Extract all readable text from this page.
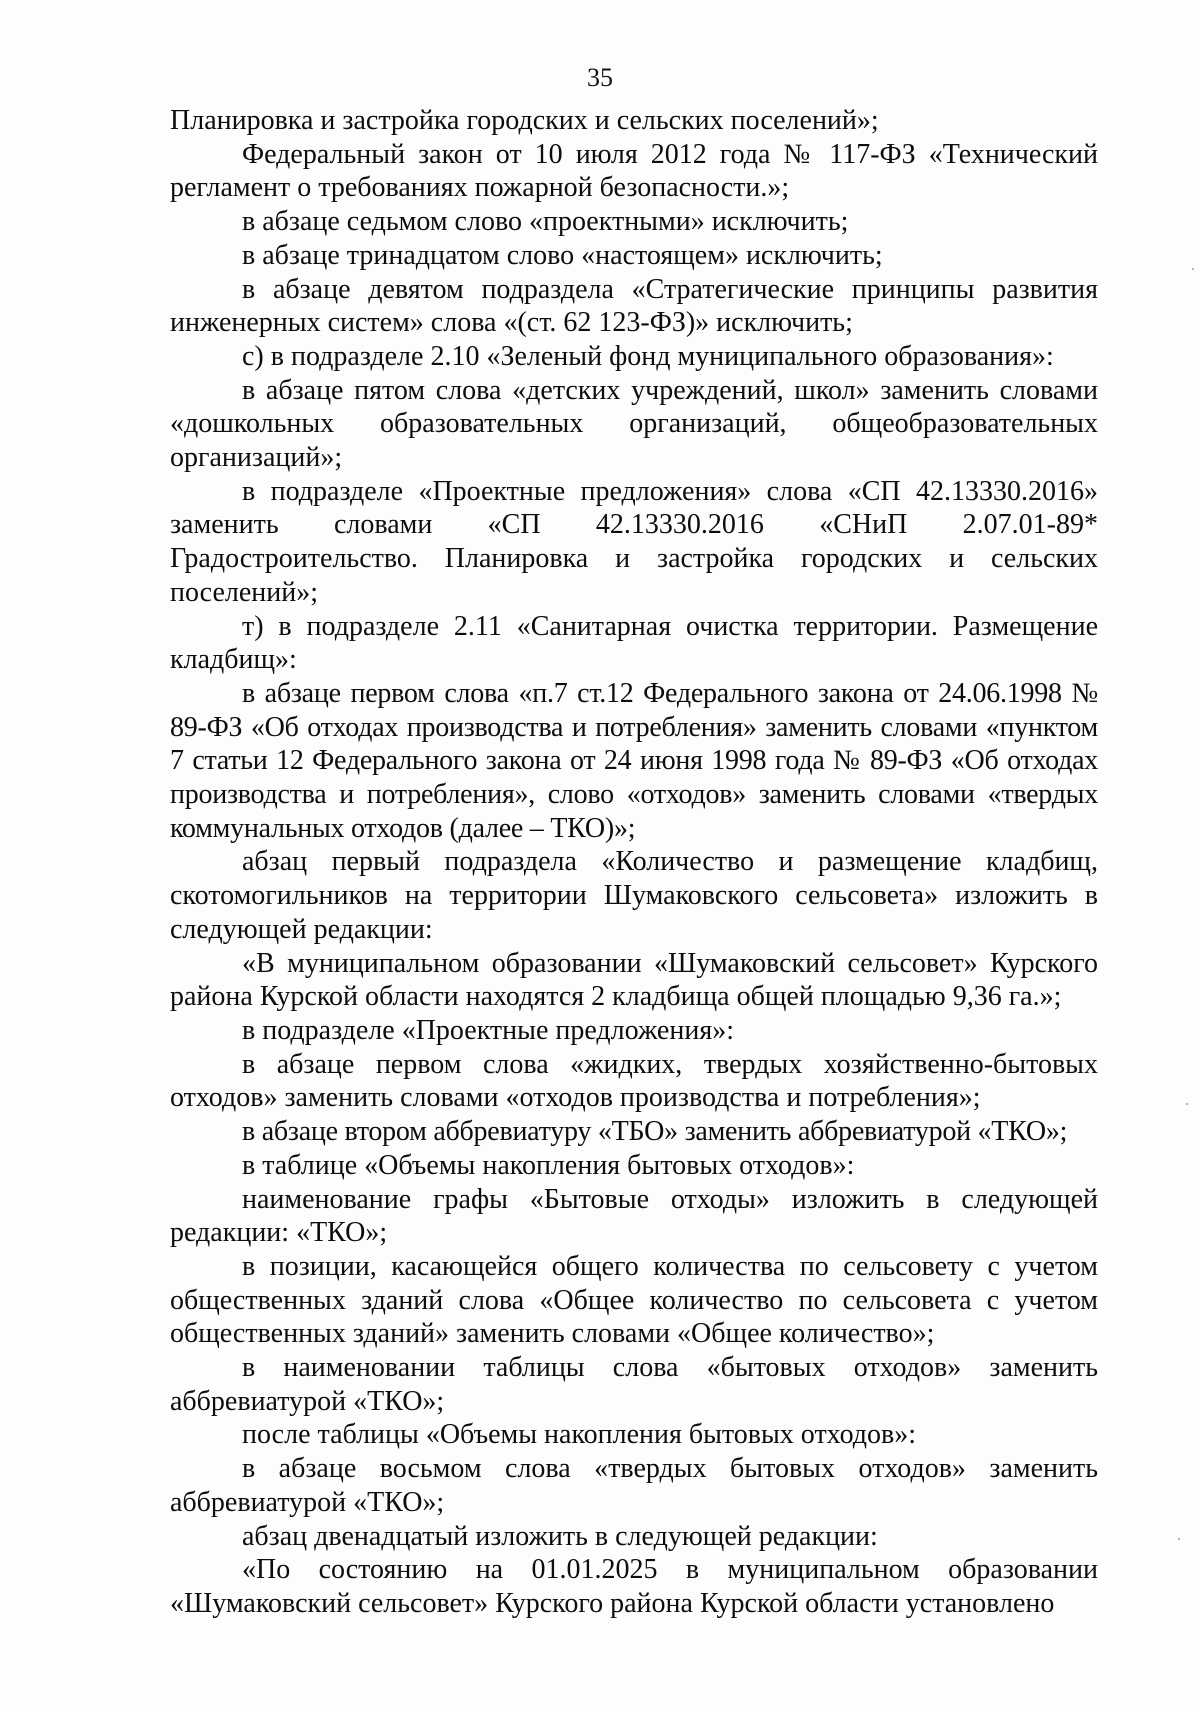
35

Планировка и застройка городских и сельских поселений»;

Федеральный закон от 10 июля 2012 года № 117-ФЗ «Технический регламент о требованиях пожарной безопасности.»;

в абзаце седьмом слово «проектными» исключить;

в абзаце тринадцатом слово «настоящем» исключить;

в абзаце девятом подраздела «Стратегические принципы развития инженерных систем» слова «(ст. 62 123-ФЗ)» исключить;

с) в подразделе 2.10 «Зеленый фонд муниципального образования»:

в абзаце пятом слова «детских учреждений, школ» заменить словами «дошкольных образовательных организаций, общеобразовательных организаций»;

в подразделе «Проектные предложения» слова «СП 42.13330.2016» заменить словами «СП 42.13330.2016 «СНиП 2.07.01-89* Градостроительство. Планировка и застройка городских и сельских поселений»;

т) в подразделе 2.11 «Санитарная очистка территории. Размещение кладбищ»:

в абзаце первом слова «п.7 ст.12 Федерального закона от 24.06.1998 № 89-ФЗ «Об отходах производства и потребления» заменить словами «пунктом 7 статьи 12 Федерального закона от 24 июня 1998 года № 89-ФЗ «Об отходах производства и потребления», слово «отходов» заменить словами «твердых коммунальных отходов (далее – ТКО)»;

абзац первый подраздела «Количество и размещение кладбищ, скотомогильников на территории Шумаковского сельсовета» изложить в следующей редакции:

«В муниципальном образовании «Шумаковский сельсовет» Курского района Курской области находятся 2 кладбища общей площадью 9,36 га.»;

в подразделе «Проектные предложения»:

в абзаце первом слова «жидких, твердых хозяйственно-бытовых отходов» заменить словами «отходов производства и потребления»;

в абзаце втором аббревиатуру «ТБО» заменить аббревиатурой «ТКО»;

в таблице «Объемы накопления бытовых отходов»:

наименование графы «Бытовые отходы» изложить в следующей редакции: «ТКО»;

в позиции, касающейся общего количества по сельсовету с учетом общественных зданий слова «Общее количество по сельсовета с учетом общественных зданий» заменить словами «Общее количество»;

в наименовании таблицы слова «бытовых отходов» заменить аббревиатурой «ТКО»;

после таблицы «Объемы накопления бытовых отходов»:

в абзаце восьмом слова «твердых бытовых отходов» заменить аббревиатурой «ТКО»;

абзац двенадцатый изложить в следующей редакции:

«По состоянию на 01.01.2025 в муниципальном образовании «Шумаковский сельсовет» Курского района Курской области установлено
